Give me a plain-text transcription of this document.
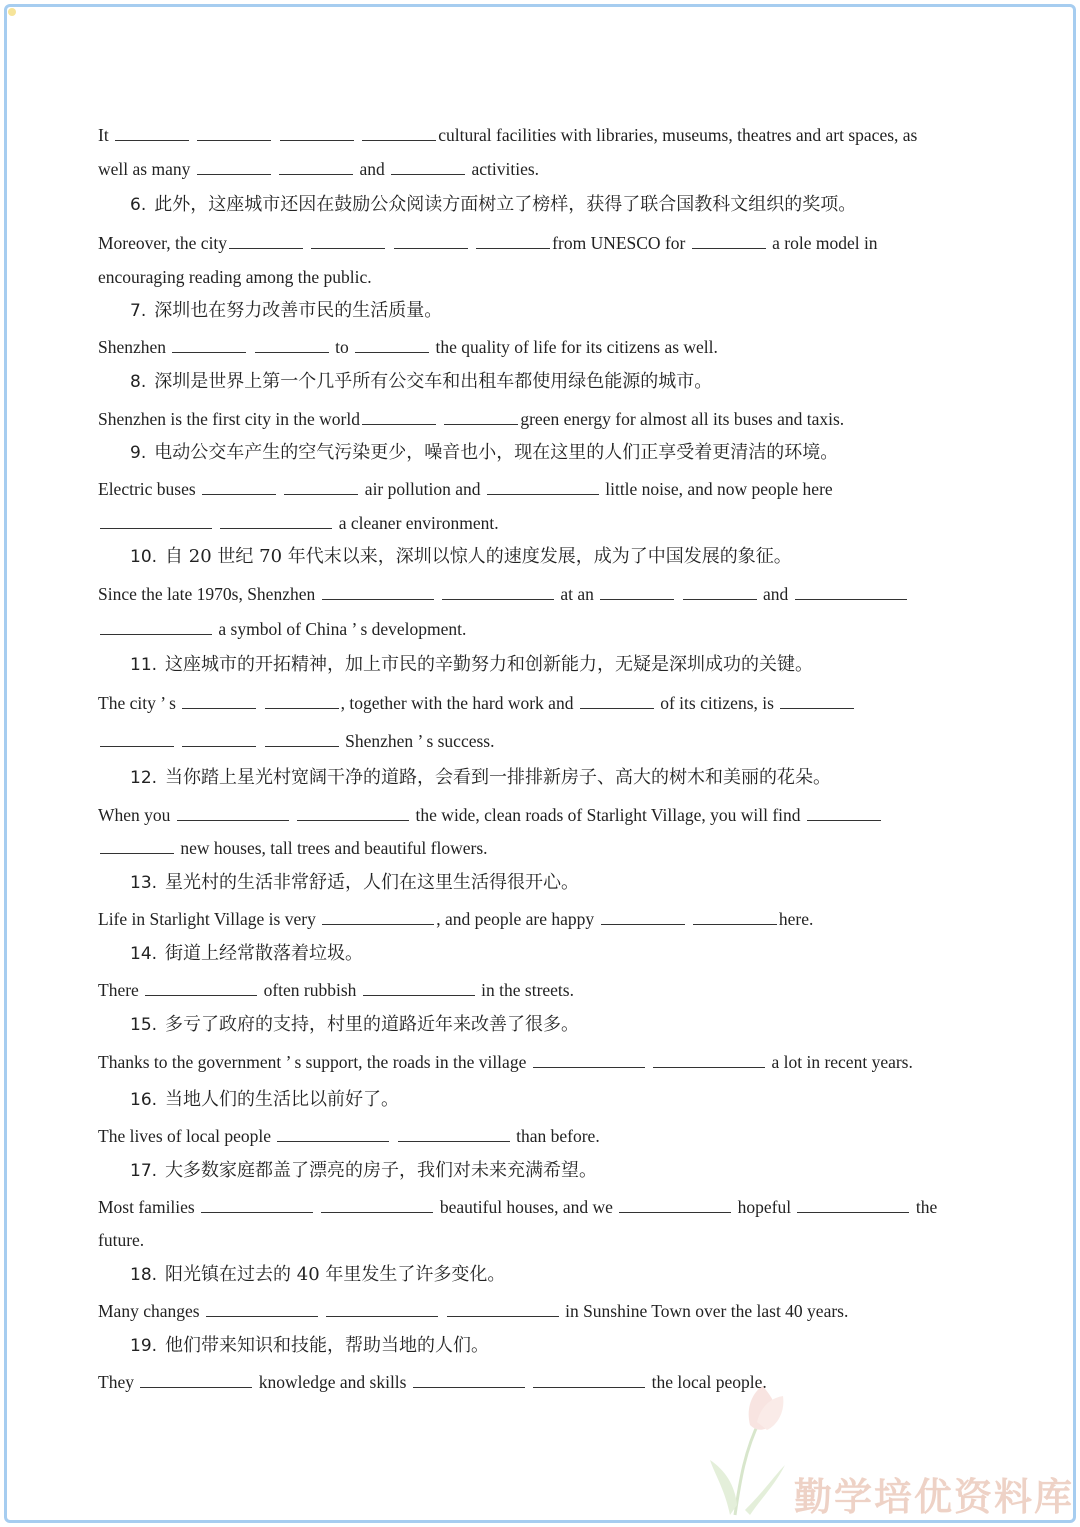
It	cultural facilities with libraries, museums, theatres and art spaces, as
well as many	and	activities.
6. 此外，这座城市还因在鼓励公众阅读方面树立了榜样，获得了联合国教科文组织的奖项。
Moreover, the city	from UNESCO for	a role model in
encouraging reading among the public.
7. 深圳也在努力改善市民的生活质量。
Shenzhen	to	the quality of life for its citizens as well.
8. 深圳是世界上第一个几乎所有公交车和出租车都使用绿色能源的城市。
Shenzhen is the first city in the world	green energy for almost all its buses and taxis.
9. 电动公交车产生的空气污染更少，噪音也小，现在这里的人们正享受着更清洁的环境。
Electric buses	air pollution and	little noise, and now people here
a cleaner environment.
10. 自 20 世纪 70 年代末以来，深圳以惊人的速度发展，成为了中国发展的象征。
Since the late 1970s, Shenzhen	at an	and
a symbol of China ’ s development.
11. 这座城市的开拓精神，加上市民的辛勤努力和创新能力，无疑是深圳成功的关键。
The city ’ s	, together with the hard work and	of its citizens, is
Shenzhen ’ s success.
12. 当你踏上星光村宽阔干净的道路，会看到一排排新房子、高大的树木和美丽的花朵。
When you	the wide, clean roads of Starlight Village, you will find
new houses, tall trees and beautiful flowers.
13. 星光村的生活非常舒适，人们在这里生活得很开心。
Life in Starlight Village is very	, and people are happy	here.
14. 街道上经常散落着垃圾。
There	often rubbish	in the streets.
15. 多亏了政府的支持，村里的道路近年来改善了很多。
Thanks to the government ’ s support, the roads in the village	a lot in recent years.
16. 当地人们的生活比以前好了。
The lives of local people	than before.
17. 大多数家庭都盖了漂亮的房子，我们对未来充满希望。
Most families	beautiful houses, and we	hopeful	the
future.
18. 阳光镇在过去的 40 年里发生了许多变化。
Many changes	in Sunshine Town over the last 40 years.
19. 他们带来知识和技能，帮助当地的人们。
They	knowledge and skills	the local people.
勤学培优资料库
